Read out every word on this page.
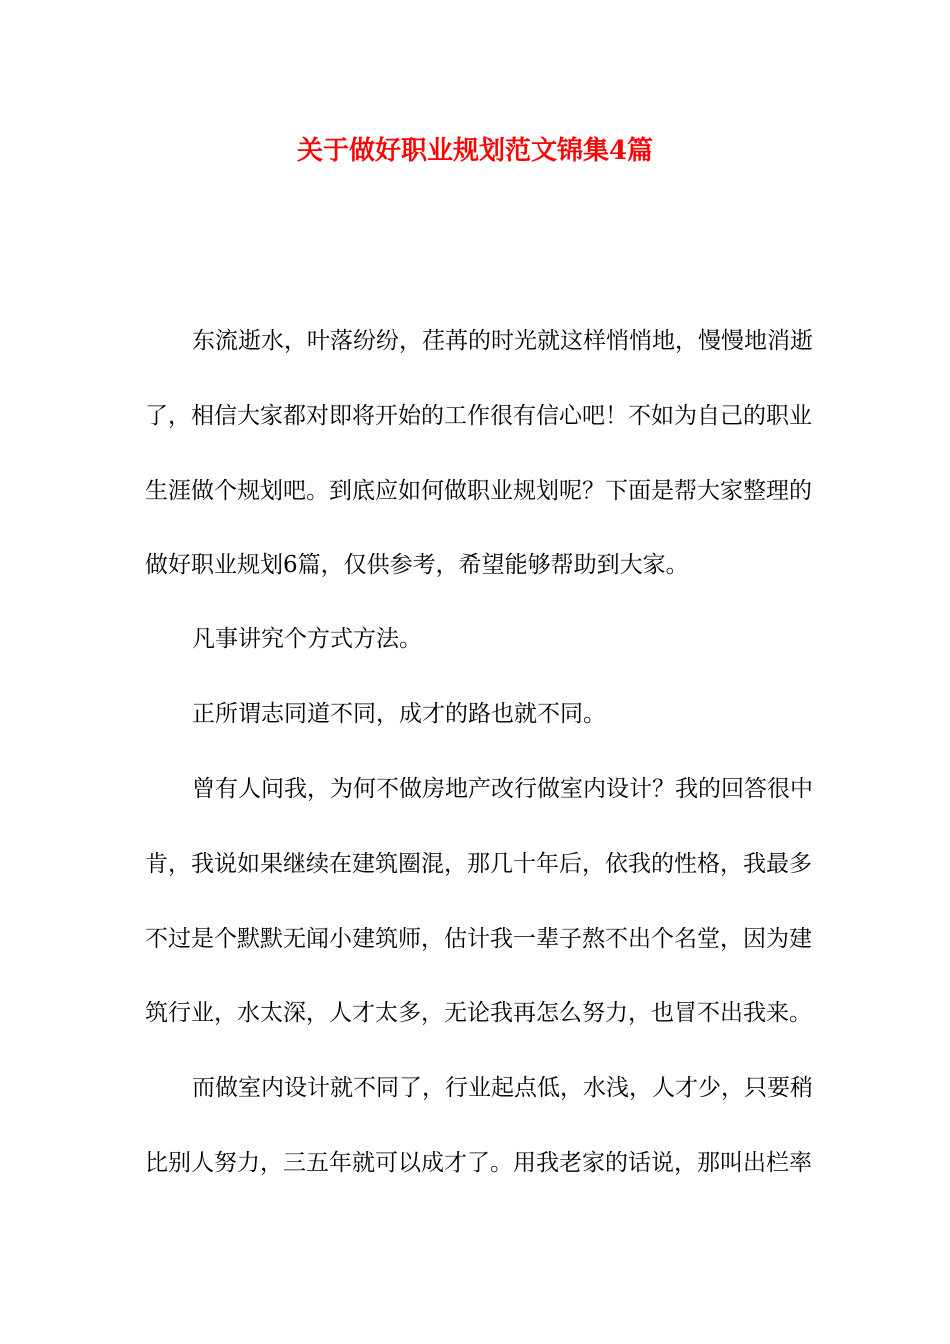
关于做好职业规划范文锦集4篇
东流逝水，叶落纷纷，荏苒的时光就这样悄悄地，慢慢地消逝
了，相信大家都对即将开始的工作很有信心吧！不如为自己的职业
生涯做个规划吧。到底应如何做职业规划呢？下面是帮大家整理的
做好职业规划6篇，仅供参考，希望能够帮助到大家。
凡事讲究个方式方法。
正所谓志同道不同，成才的路也就不同。
曾有人问我，为何不做房地产改行做室内设计？我的回答很中
肯，我说如果继续在建筑圈混，那几十年后，依我的性格，我最多
不过是个默默无闻小建筑师，估计我一辈子熬不出个名堂，因为建
筑行业，水太深，人才太多，无论我再怎么努力，也冒不出我来。
而做室内设计就不同了，行业起点低，水浅，人才少，只要稍
比别人努力，三五年就可以成才了。用我老家的话说，那叫出栏率
